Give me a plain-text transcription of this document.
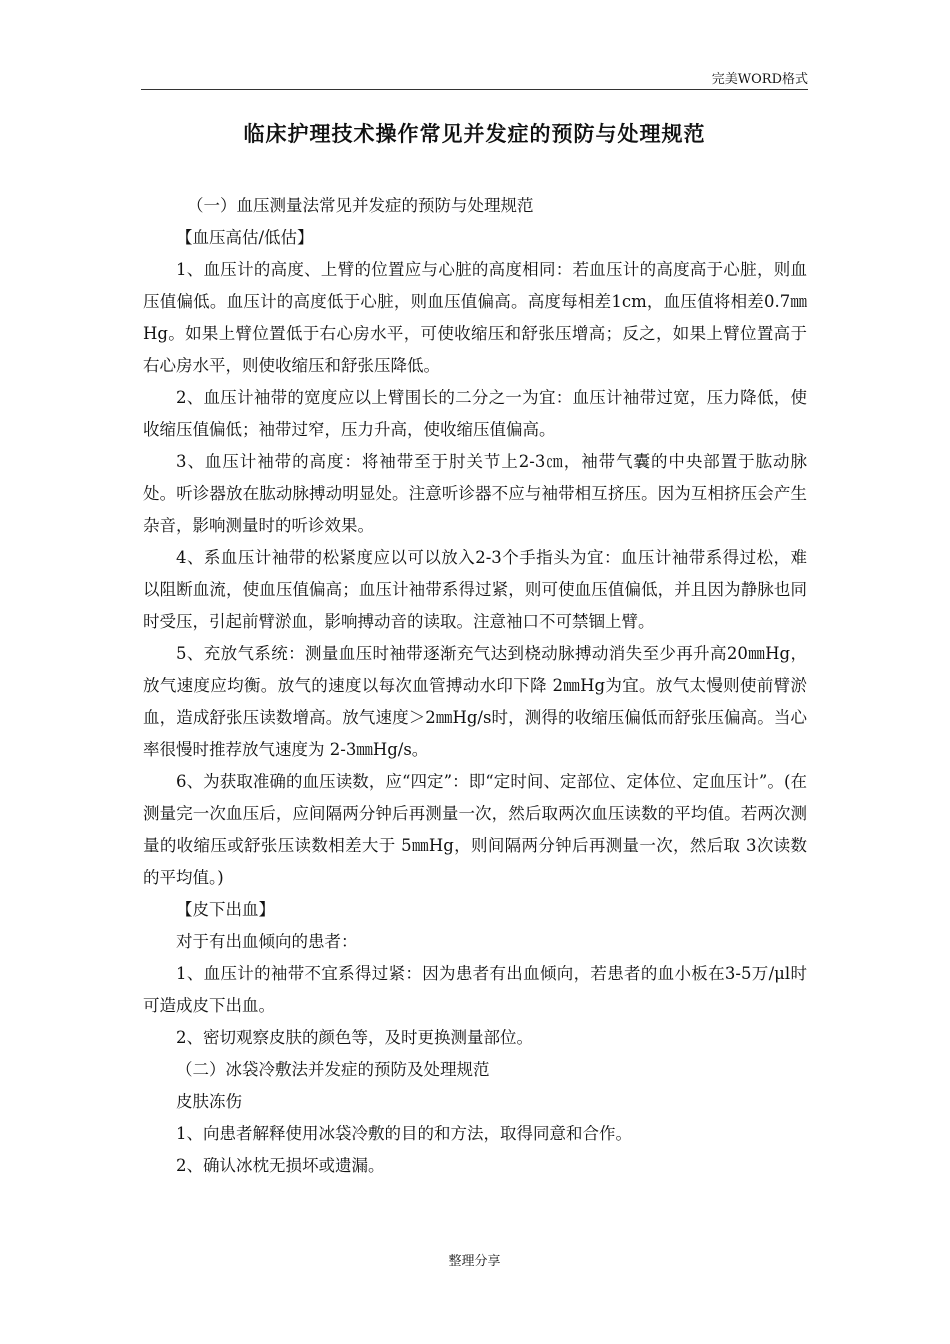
完美WORD格式
临床护理技术操作常见并发症的预防与处理规范

（一）血压测量法常见并发症的预防与处理规范

【血压高估/低估】

1、血压计的高度、上臂的位置应与心脏的高度相同：若血压计的高度高于心脏，则血压值偏低。血压计的高度低于心脏，则血压值偏高。高度每相差1cm，血压值将相差0.7㎜Hg。如果上臂位置低于右心房水平，可使收缩压和舒张压增高；反之，如果上臂位置高于右心房水平，则使收缩压和舒张压降低。

2、血压计袖带的宽度应以上臂围长的二分之一为宜：血压计袖带过宽，压力降低，使收缩压值偏低；袖带过窄，压力升高，使收缩压值偏高。

3、血压计袖带的高度：将袖带至于肘关节上2-3㎝，袖带气囊的中央部置于肱动脉处。听诊器放在肱动脉搏动明显处。注意听诊器不应与袖带相互挤压。因为互相挤压会产生杂音，影响测量时的听诊效果。

4、系血压计袖带的松紧度应以可以放入2-3个手指头为宜：血压计袖带系得过松，难以阻断血流，使血压值偏高；血压计袖带系得过紧，则可使血压值偏低，并且因为静脉也同时受压，引起前臂淤血，影响搏动音的读取。注意袖口不可禁锢上臂。

5、充放气系统：测量血压时袖带逐渐充气达到桡动脉搏动消失至少再升高20㎜Hg，放气速度应均衡。放气的速度以每次血管搏动水印下降 2㎜Hg为宜。放气太慢则使前臂淤血，造成舒张压读数增高。放气速度＞2㎜Hg/s时，测得的收缩压偏低而舒张压偏高。当心率很慢时推荐放气速度为 2-3㎜Hg/s。

6、为获取准确的血压读数，应“四定”：即“定时间、定部位、定体位、定血压计”。(在测量完一次血压后，应间隔两分钟后再测量一次，然后取两次血压读数的平均值。若两次测量的收缩压或舒张压读数相差大于 5㎜Hg，则间隔两分钟后再测量一次，然后取 3次读数的平均值。)

【皮下出血】

对于有出血倾向的患者：

1、血压计的袖带不宜系得过紧：因为患者有出血倾向，若患者的血小板在3-5万/μl时可造成皮下出血。

2、密切观察皮肤的颜色等，及时更换测量部位。

（二）冰袋冷敷法并发症的预防及处理规范

皮肤冻伤

1、向患者解释使用冰袋冷敷的目的和方法，取得同意和合作。

2、确认冰枕无损坏或遗漏。

整理分享
